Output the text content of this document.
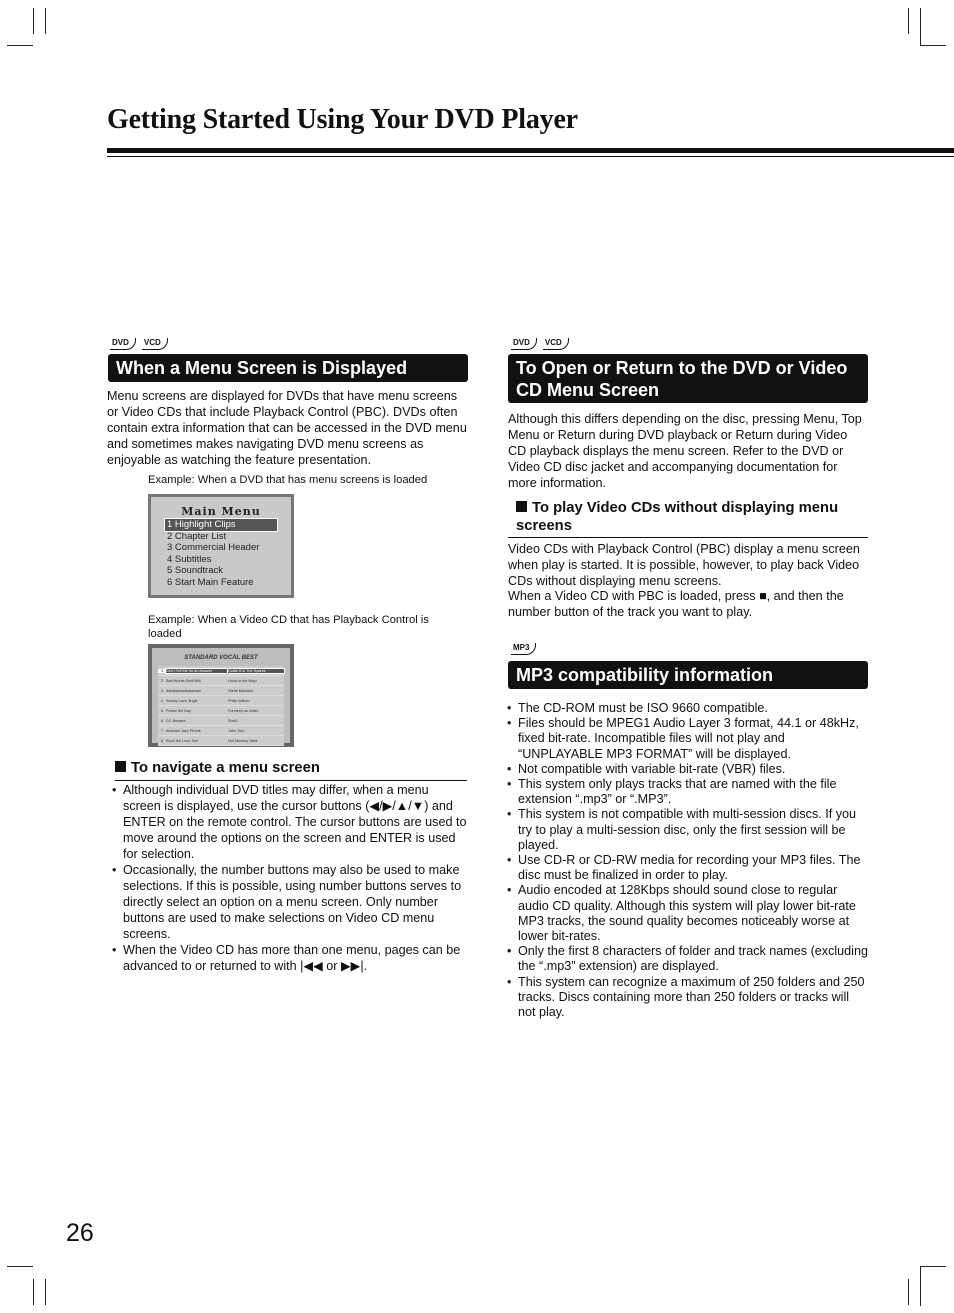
Getting Started Using Your DVD Player
DVD	VCD
When a Menu Screen is Displayed
Menu screens are displayed for DVDs that have menu screens or Video CDs that include Playback Control (PBC). DVDs often contain extra information that can be accessed in the DVD menu and sometimes makes navigating DVD menu screens as enjoyable as watching the feature presentation.
Example: When a DVD that has menu screens is loaded
Main Menu
1 Highlight Clips
2 Chapter List
3 Commercial Header
4 Subtitles
5 Soundtrack
6 Start Main Feature
Example: When a Video CD that has Playback Control is loaded
STANDARD VOCAL BEST
1 Don't Tell Me for an Answer	Dottie B & The Sparks
2 Bad Words Swill Will	Hood in the Boyz
3 dubstyheadbassman	Steek Machine
4 Snowy Love Jingle	Philly Willum
5 Praise the Day	Formerly an Artist
6 DJ. Beware	Plas3
7 Abstract Jazz Phunk	John Tom
8 Rock the Love Jive	Hot Monkey Stick
To navigate a menu screen
• Although individual DVD titles may differ, when a menu screen is displayed, use the cursor buttons (◀/▶/▲/▼) and ENTER on the remote control. The cursor buttons are used to move around the options on the screen and ENTER is used for selection.
• Occasionally, the number buttons may also be used to make selections. If this is possible, using number buttons serves to directly select an option on a menu screen. Only number buttons are used to make selections on Video CD menu screens.
• When the Video CD has more than one menu, pages can be advanced to or returned to with |◀◀ or ▶▶|.
DVD	VCD
To Open or Return to the DVD or Video CD Menu Screen
Although this differs depending on the disc, pressing Menu, Top Menu or Return during DVD playback or Return during Video CD playback displays the menu screen. Refer to the DVD or Video CD disc jacket and accompanying documentation for more information.
To play Video CDs without displaying menu screens
Video CDs with Playback Control (PBC) display a menu screen when play is started. It is possible, however, to play back Video CDs without displaying menu screens.
When a Video CD with PBC is loaded, press ■, and then the number button of the track you want to play.
MP3
MP3 compatibility information
• The CD-ROM must be ISO 9660 compatible.
• Files should be MPEG1 Audio Layer 3 format, 44.1 or 48kHz, fixed bit-rate. Incompatible files will not play and “UNPLAYABLE MP3 FORMAT” will be displayed.
• Not compatible with variable bit-rate (VBR) files.
• This system only plays tracks that are named with the file extension “.mp3” or “.MP3”.
• This system is not compatible with multi-session discs. If you try to play a multi-session disc, only the first session will be played.
• Use CD-R or CD-RW media for recording your MP3 files. The disc must be finalized in order to play.
• Audio encoded at 128Kbps should sound close to regular audio CD quality. Although this system will play lower bit-rate MP3 tracks, the sound quality becomes noticeably worse at lower bit-rates.
• Only the first 8 characters of folder and track names (excluding the “.mp3” extension) are displayed.
• This system can recognize a maximum of 250 folders and 250 tracks. Discs containing more than 250 folders or tracks will not play.
26
